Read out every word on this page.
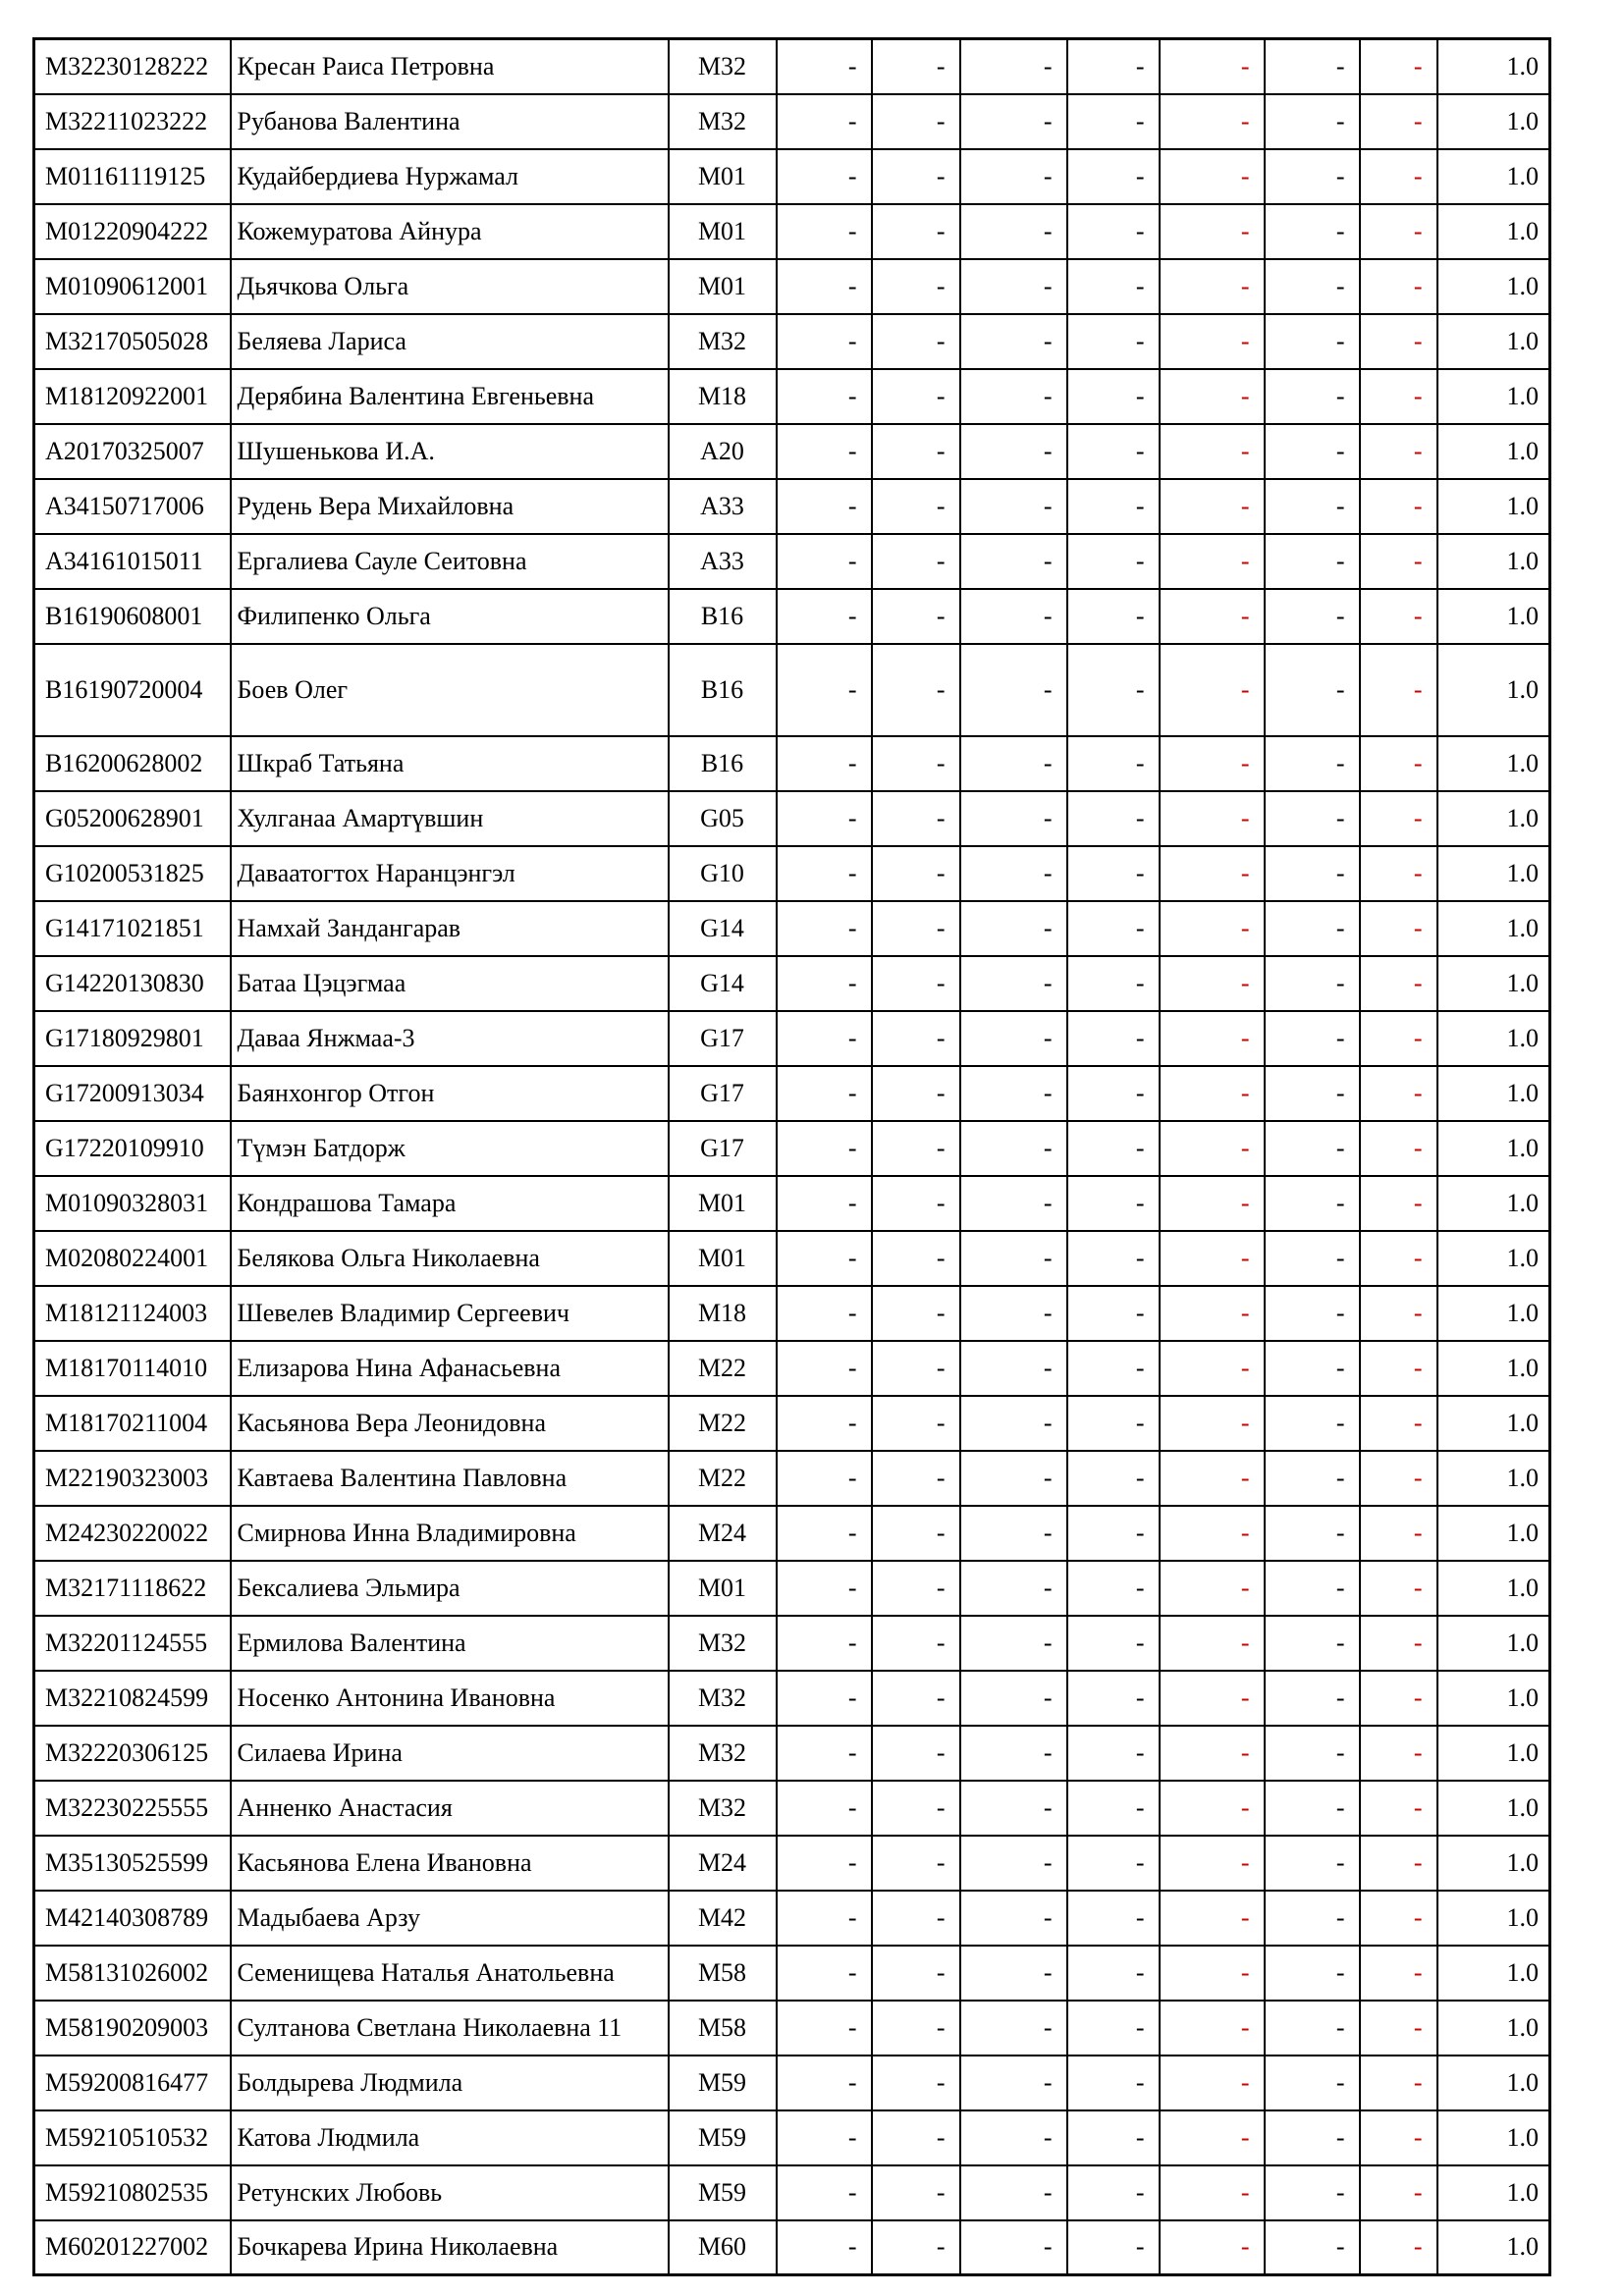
M32230128222	Кресан Раиса Петровна	M32	-	-	-	-	-	-	-	1.0
M32211023222	Рубанова Валентина	M32	-	-	-	-	-	-	-	1.0
M01161119125	Кудайбердиева Нуржамал	M01	-	-	-	-	-	-	-	1.0
M01220904222	Кожемуратова Айнура	M01	-	-	-	-	-	-	-	1.0
M01090612001	Дьячкова Ольга	M01	-	-	-	-	-	-	-	1.0
M32170505028	Беляева Лариса	M32	-	-	-	-	-	-	-	1.0
M18120922001	Дерябина Валентина Евгеньевна	M18	-	-	-	-	-	-	-	1.0
A20170325007	Шушенькова И.А.	A20	-	-	-	-	-	-	-	1.0
A34150717006	Рудень Вера Михайловна	A33	-	-	-	-	-	-	-	1.0
A34161015011	Ергалиева Сауле Сеитовна	A33	-	-	-	-	-	-	-	1.0
B16190608001	Филипенко Ольга	B16	-	-	-	-	-	-	-	1.0
B16190720004	Боев Олег	B16	-	-	-	-	-	-	-	1.0
B16200628002	Шкраб Татьяна	B16	-	-	-	-	-	-	-	1.0
G05200628901	Хулганаа Амартүвшин	G05	-	-	-	-	-	-	-	1.0
G10200531825	Даваатогтох Наранцэнгэл	G10	-	-	-	-	-	-	-	1.0
G14171021851	Намхай Зандангарав	G14	-	-	-	-	-	-	-	1.0
G14220130830	Батаа Цэцэгмаа	G14	-	-	-	-	-	-	-	1.0
G17180929801	Даваа Янжмаа-3	G17	-	-	-	-	-	-	-	1.0
G17200913034	Баянхонгор Отгон	G17	-	-	-	-	-	-	-	1.0
G17220109910	Түмэн Батдорж	G17	-	-	-	-	-	-	-	1.0
M01090328031	Кондрашова Тамара	M01	-	-	-	-	-	-	-	1.0
M02080224001	Белякова Ольга Николаевна	M01	-	-	-	-	-	-	-	1.0
M18121124003	Шевелев Владимир Сергеевич	M18	-	-	-	-	-	-	-	1.0
M18170114010	Елизарова Нина Афанасьевна	M22	-	-	-	-	-	-	-	1.0
M18170211004	Касьянова Вера Леонидовна	M22	-	-	-	-	-	-	-	1.0
M22190323003	Кавтаева Валентина Павловна	M22	-	-	-	-	-	-	-	1.0
M24230220022	Смирнова Инна Владимировна	M24	-	-	-	-	-	-	-	1.0
M32171118622	Бексалиева Эльмира	M01	-	-	-	-	-	-	-	1.0
M32201124555	Ермилова Валентина	M32	-	-	-	-	-	-	-	1.0
M32210824599	Носенко Антонина Ивановна	M32	-	-	-	-	-	-	-	1.0
M32220306125	Силаева Ирина	M32	-	-	-	-	-	-	-	1.0
M32230225555	Анненко Анастасия	M32	-	-	-	-	-	-	-	1.0
M35130525599	Касьянова Елена Ивановна	M24	-	-	-	-	-	-	-	1.0
M42140308789	Мадыбаева Арзу	M42	-	-	-	-	-	-	-	1.0
M58131026002	Семенищева Наталья Анатольевна	M58	-	-	-	-	-	-	-	1.0
M58190209003	Султанова Светлана Николаевна 11	M58	-	-	-	-	-	-	-	1.0
M59200816477	Болдырева Людмила	M59	-	-	-	-	-	-	-	1.0
M59210510532	Катова Людмила	M59	-	-	-	-	-	-	-	1.0
M59210802535	Ретунских Любовь	M59	-	-	-	-	-	-	-	1.0
M60201227002	Бочкарева Ирина Николаевна	M60	-	-	-	-	-	-	-	1.0
